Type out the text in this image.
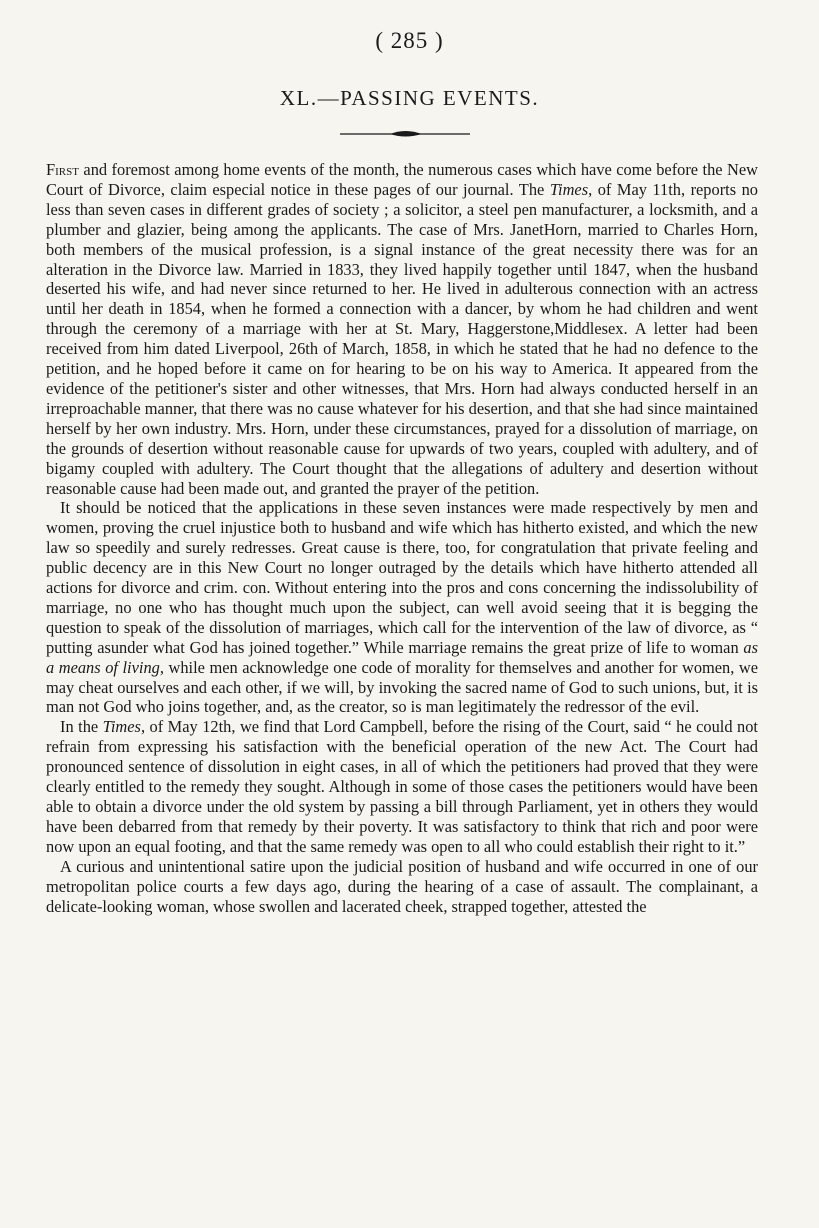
( 285 )
XL.—PASSING EVENTS.

First and foremost among home events of the month, the numerous cases which have come before the New Court of Divorce, claim especial notice in these pages of our journal. The Times, of May 11th, reports no less than seven cases in different grades of society ; a solicitor, a steel pen manufacturer, a locksmith, and a plumber and glazier, being among the applicants. The case of Mrs. JanetHorn, married to Charles Horn, both members of the musical profession, is a signal instance of the great necessity there was for an alteration in the Divorce law. Married in 1833, they lived happily together until 1847, when the husband deserted his wife, and had never since returned to her. He lived in adulterous connection with an actress until her death in 1854, when he formed a connection with a dancer, by whom he had children and went through the ceremony of a marriage with her at St. Mary, Haggerstone,Middlesex. A letter had been received from him dated Liverpool, 26th of March, 1858, in which he stated that he had no defence to the petition, and he hoped before it came on for hearing to be on his way to America. It appeared from the evidence of the petitioner's sister and other witnesses, that Mrs. Horn had always conducted herself in an irreproachable manner, that there was no cause whatever for his desertion, and that she had since maintained herself by her own industry. Mrs. Horn, under these circumstances, prayed for a dissolution of marriage, on the grounds of desertion without reasonable cause for upwards of two years, coupled with adultery, and of bigamy coupled with adultery. The Court thought that the allegations of adultery and desertion without reasonable cause had been made out, and granted the prayer of the petition.

It should be noticed that the applications in these seven instances were made respectively by men and women, proving the cruel injustice both to husband and wife which has hitherto existed, and which the new law so speedily and surely redresses. Great cause is there, too, for congratulation that private feeling and public decency are in this New Court no longer outraged by the details which have hitherto attended all actions for divorce and crim. con. Without entering into the pros and cons concerning the indissolubility of marriage, no one who has thought much upon the subject, can well avoid seeing that it is begging the question to speak of the dissolution of marriages, which call for the intervention of the law of divorce, as “ putting asunder what God has joined together.” While marriage remains the great prize of life to woman as a means of living, while men acknowledge one code of morality for themselves and another for women, we may cheat ourselves and each other, if we will, by invoking the sacred name of God to such unions, but, it is man not God who joins together, and, as the creator, so is man legitimately the redressor of the evil.

In the Times, of May 12th, we find that Lord Campbell, before the rising of the Court, said “ he could not refrain from expressing his satisfaction with the beneficial operation of the new Act. The Court had pronounced sentence of dissolution in eight cases, in all of which the petitioners had proved that they were clearly entitled to the remedy they sought. Although in some of those cases the petitioners would have been able to obtain a divorce under the old system by passing a bill through Parliament, yet in others they would have been debarred from that remedy by their poverty. It was satisfactory to think that rich and poor were now upon an equal footing, and that the same remedy was open to all who could establish their right to it.”

A curious and unintentional satire upon the judicial position of husband and wife occurred in one of our metropolitan police courts a few days ago, during the hearing of a case of assault. The complainant, a delicate-looking woman, whose swollen and lacerated cheek, strapped together, attested the
